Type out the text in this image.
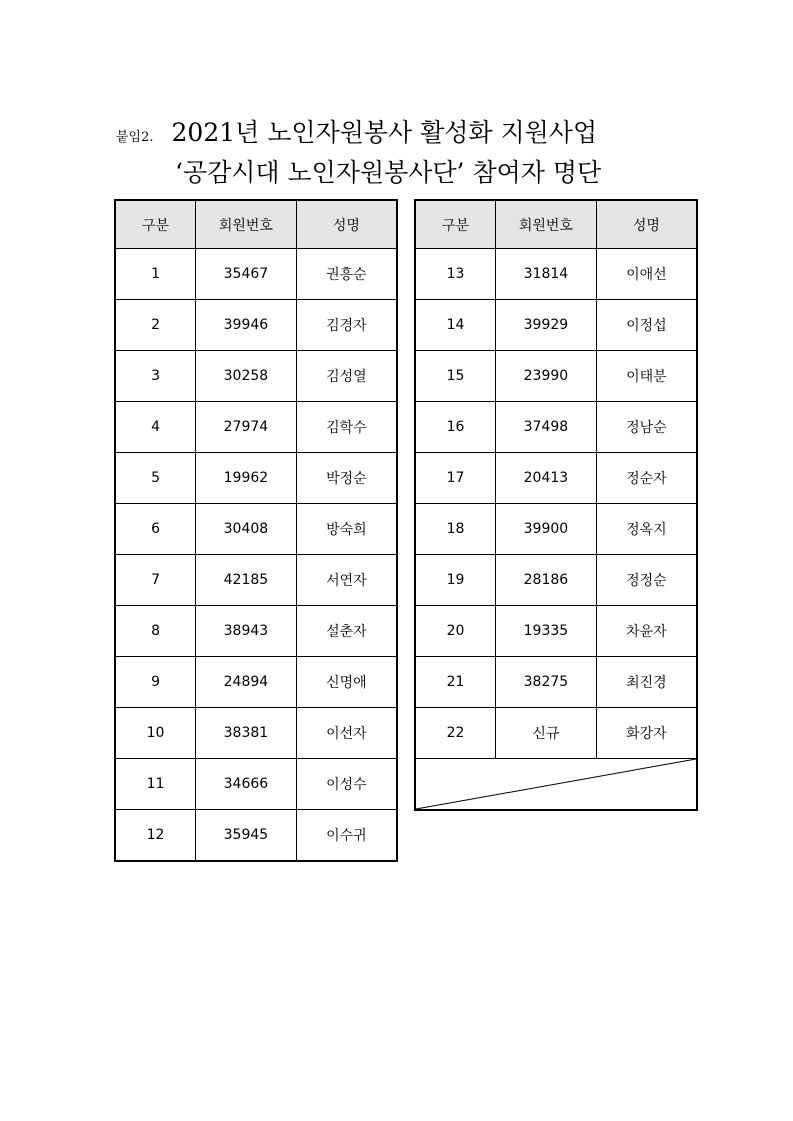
붙임2. 2021년 노인자원봉사 활성화 지원사업
‘공감시대 노인자원봉사단’ 참여자 명단
구분	회원번호	성명
1	35467	권흥순
2	39946	김경자
3	30258	김성열
4	27974	김학수
5	19962	박정순
6	30408	방숙희
7	42185	서연자
8	38943	설춘자
9	24894	신명애
10	38381	이선자
11	34666	이성수
12	35945	이수귀
구분	회원번호	성명
13	31814	이애선
14	39929	이정섭
15	23990	이태분
16	37498	정남순
17	20413	정순자
18	39900	정옥지
19	28186	정정순
20	19335	차윤자
21	38275	최진경
22	신규	화강자
